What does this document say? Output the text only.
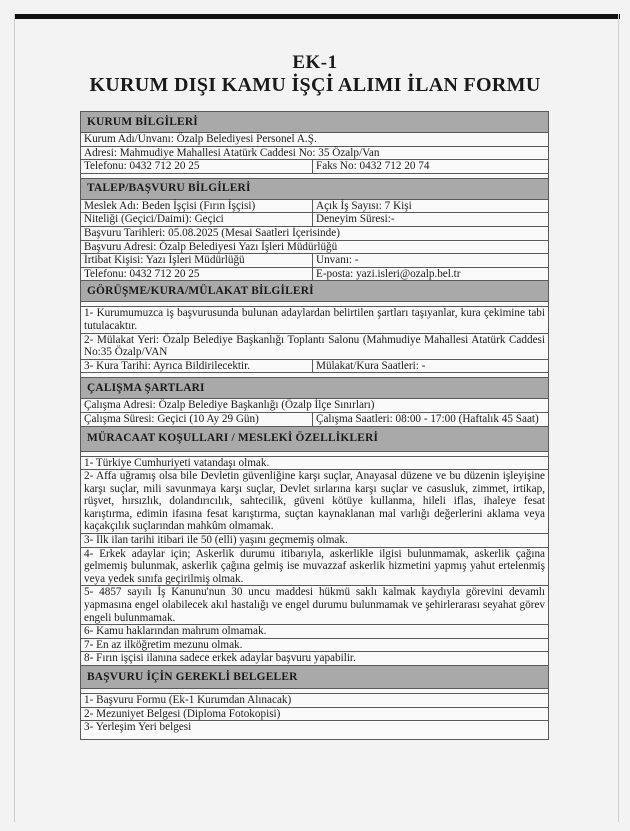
EK-1
KURUM DIŞI KAMU İŞÇİ ALIMI İLAN FORMU
KURUM BİLGİLERİ	
Kurum Adı/Unvanı: Özalp Belediyesi Personel A.Ş.	
Adresi: Mahmudiye Mahallesi Atatürk Caddesi No: 35 Özalp/Van	
Telefonu: 0432 712 20 25	Faks No: 0432 712 20 74

TALEP/BAŞVURU BİLGİLERİ	
Meslek Adı: Beden İşçisi (Fırın İşçisi)	Açık İş Sayısı: 7 Kişi
Niteliği (Geçici/Daimi): Geçici	Deneyim Süresi:-
Başvuru Tarihleri: 05.08.2025 (Mesai Saatleri İçerisinde)	
Başvuru Adresi: Özalp Belediyesi Yazı İşleri Müdürlüğü	
İrtibat Kişisi: Yazı İşleri Müdürlüğü	Unvanı: -
Telefonu: 0432 712 20 25	E-posta: yazi.isleri@ozalp.bel.tr
GÖRÜŞME/KURA/MÜLAKAT BİLGİLERİ	

1- Kurumumuzca iş başvurusunda bulunan adaylardan belirtilen şartları taşıyanlar, kura çekimine tabi tutulacaktır.	
2- Mülakat Yeri: Özalp Belediye Başkanlığı Toplantı Salonu (Mahmudiye Mahallesi Atatürk Caddesi No:35 Özalp/VAN	
3- Kura Tarihi: Ayrıca Bildirilecektir.	Mülakat/Kura Saatleri: -

ÇALIŞMA ŞARTLARI	
Çalışma Adresi: Özalp Belediye Başkanlığı (Özalp İlçe Sınırları)	
Çalışma Süresi: Geçici (10 Ay 29 Gün)	Çalışma Saatleri: 08:00 - 17:00 (Haftalık 45 Saat)
MÜRACAAT KOŞULLARI / MESLEKİ ÖZELLİKLERİ	

1- Türkiye Cumhuriyeti vatandaşı olmak.	
2- Affa uğramış olsa bile Devletin güvenliğine karşı suçlar, Anayasal düzene ve bu düzenin işleyişine karşı suçlar, mili savunmaya karşı suçlar, Devlet sırlarına karşı suçlar ve casusluk, zimmet, irtikap, rüşvet, hırsızlık, dolandırıcılık, sahtecilik, güveni kötüye kullanma, hileli iflas, ihaleye fesat karıştırma, edimin ifasına fesat karıştırma, suçtan kaynaklanan mal varlığı değerlerini aklama veya kaçakçılık suçlarından mahkûm olmamak.	
3- İlk ilan tarihi itibari ile 50 (elli) yaşını geçmemiş olmak.	
4- Erkek adaylar için; Askerlik durumu itibarıyla, askerlikle ilgisi bulunmamak, askerlik çağına gelmemiş bulunmak, askerlik çağına gelmiş ise muvazzaf askerlik hizmetini yapmış yahut ertelenmiş veya yedek sınıfa geçirilmiş olmak.	
5- 4857 sayılı İş Kanunu'nun 30 uncu maddesi hükmü saklı kalmak kaydıyla görevini devamlı yapmasına engel olabilecek akıl hastalığı ve engel durumu bulunmamak ve şehirlerarası seyahat görev engeli bulunmamak.	
6- Kamu haklarından mahrum olmamak.	
7- En az ilköğretim mezunu olmak.	
8- Fırın işçisi ilanına sadece erkek adaylar başvuru yapabilir.	
BAŞVURU İÇİN GEREKLİ BELGELER	

1- Başvuru Formu (Ek-1 Kurumdan Alınacak)	
2- Mezuniyet Belgesi (Diploma Fotokopisi)	
3- Yerleşim Yeri belgesi	
